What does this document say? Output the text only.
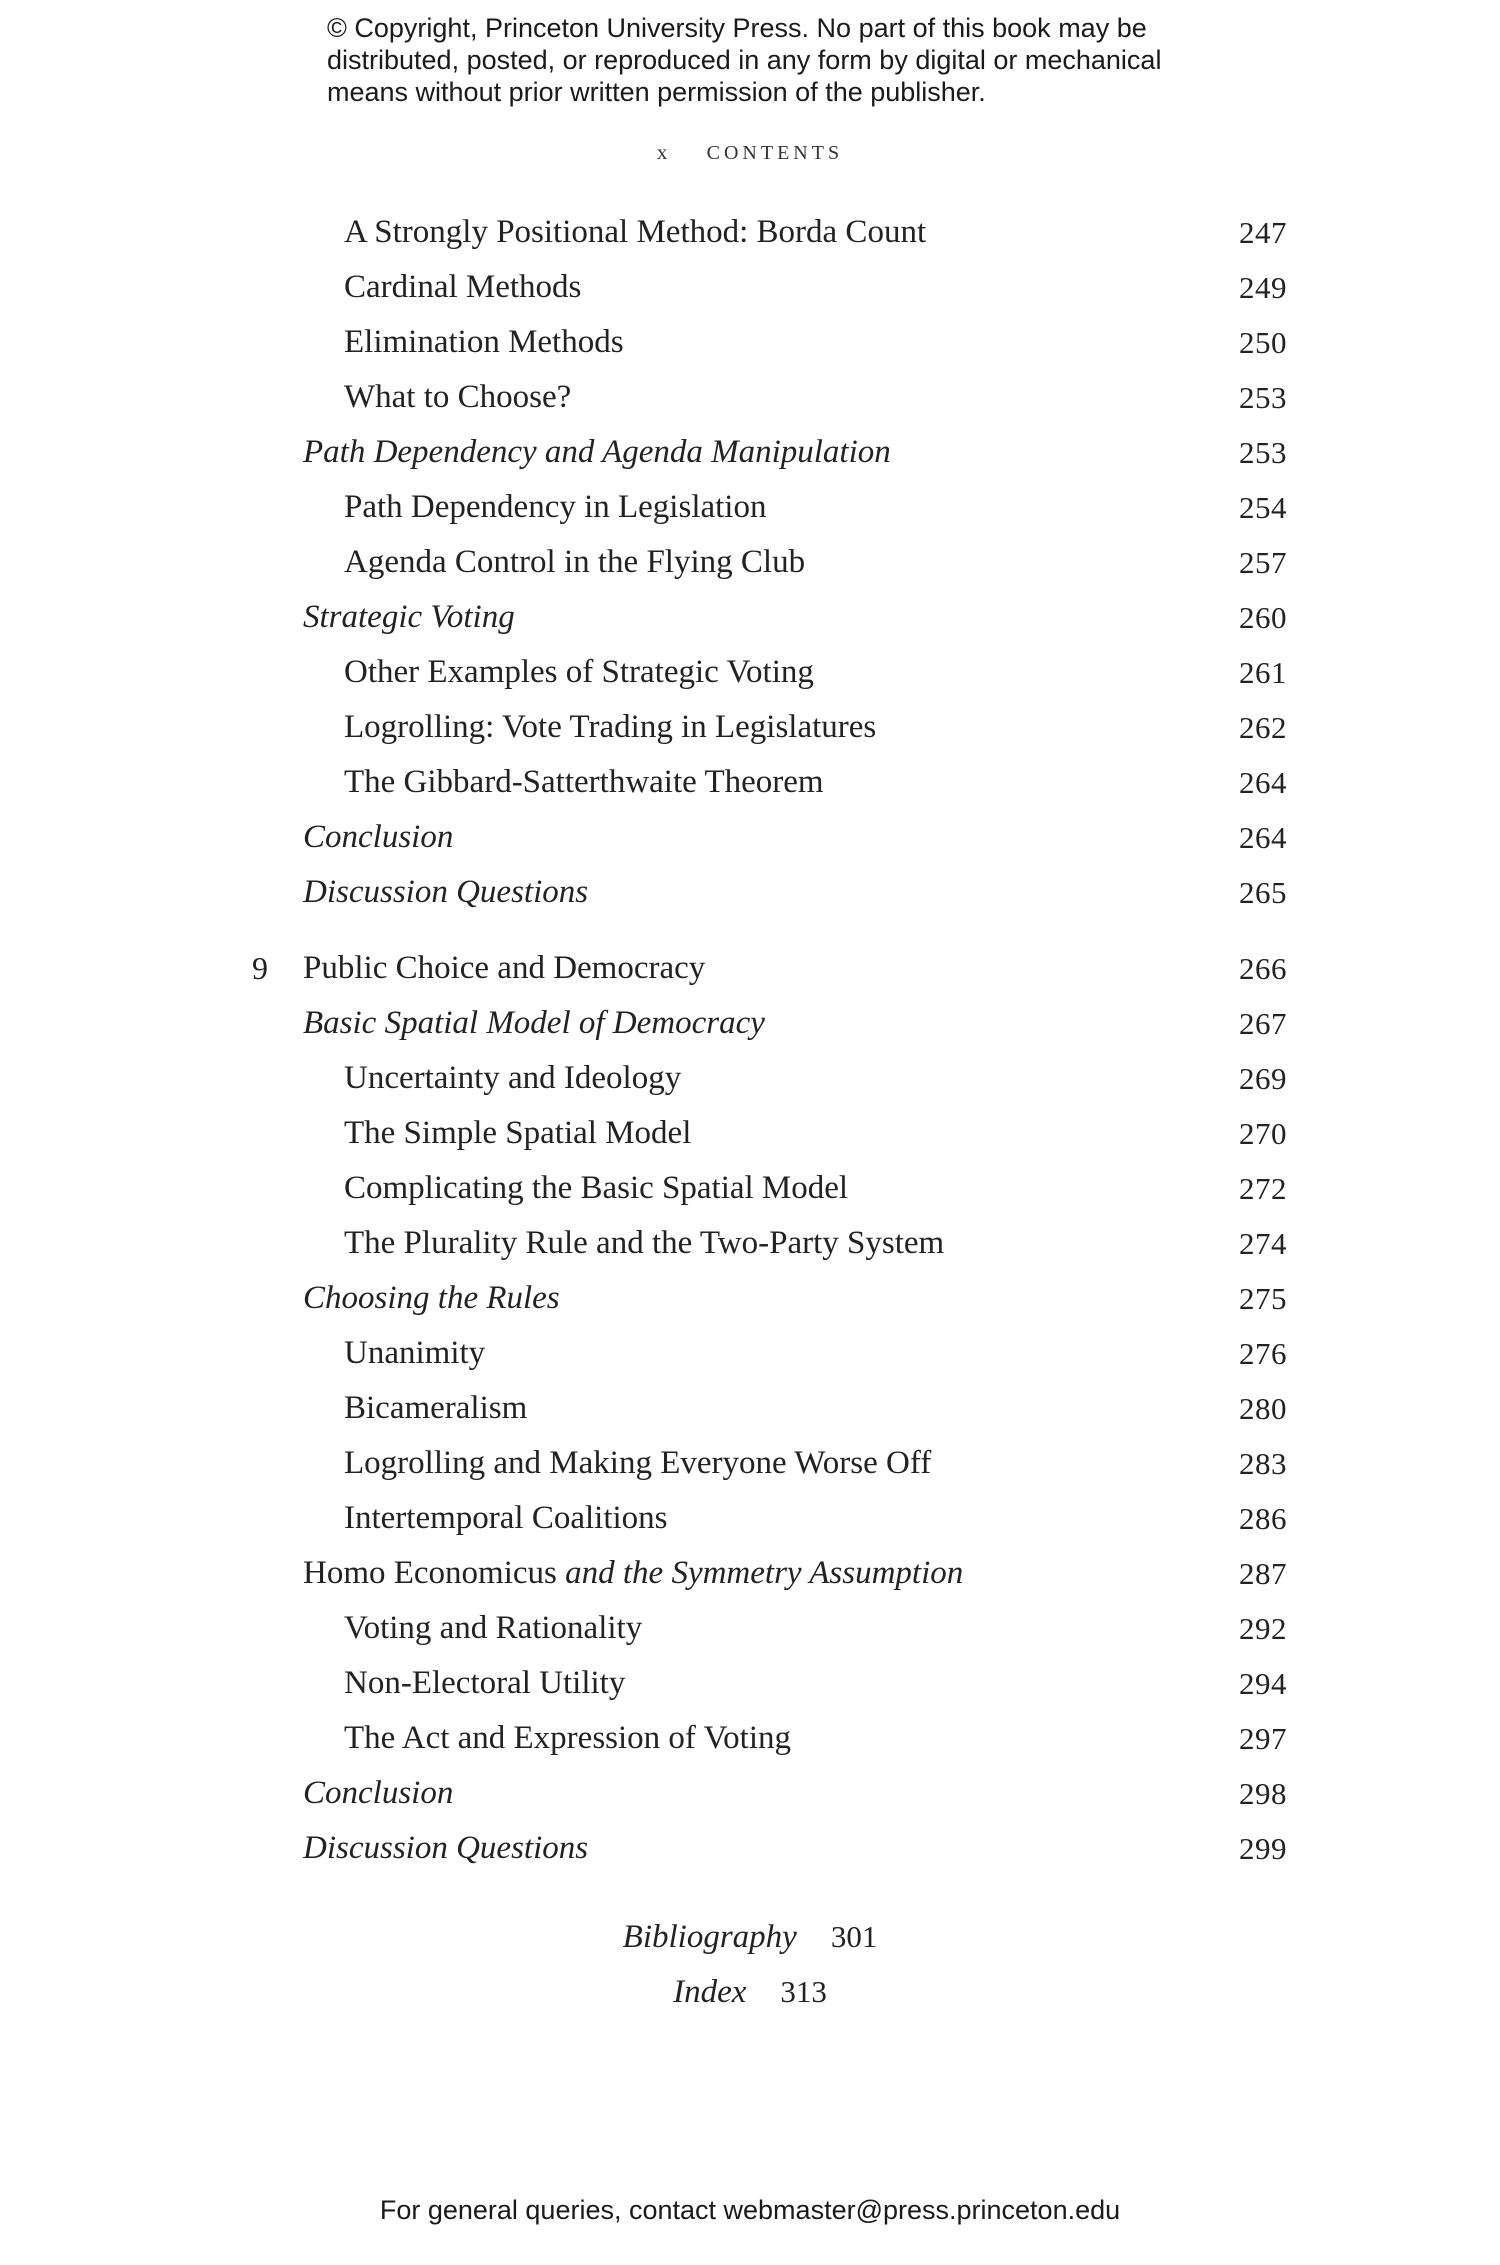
© Copyright, Princeton University Press. No part of this book may be
distributed, posted, or reproduced in any form by digital or mechanical
means without prior written permission of the publisher.
x CONTENTS
A Strongly Positional Method: Borda Count	247
Cardinal Methods	249
Elimination Methods	250
What to Choose?	253
Path Dependency and Agenda Manipulation	253
Path Dependency in Legislation	254
Agenda Control in the Flying Club	257
Strategic Voting	260
Other Examples of Strategic Voting	261
Logrolling: Vote Trading in Legislatures	262
The Gibbard-Satterthwaite Theorem	264
Conclusion	264
Discussion Questions	265
9 Public Choice and Democracy	266
Basic Spatial Model of Democracy	267
Uncertainty and Ideology	269
The Simple Spatial Model	270
Complicating the Basic Spatial Model	272
The Plurality Rule and the Two-Party System	274
Choosing the Rules	275
Unanimity	276
Bicameralism	280
Logrolling and Making Everyone Worse Off	283
Intertemporal Coalitions	286
Homo Economicus and the Symmetry Assumption	287
Voting and Rationality	292
Non-Electoral Utility	294
The Act and Expression of Voting	297
Conclusion	298
Discussion Questions	299
Bibliography 301
Index 313
For general queries, contact webmaster@press.princeton.edu
